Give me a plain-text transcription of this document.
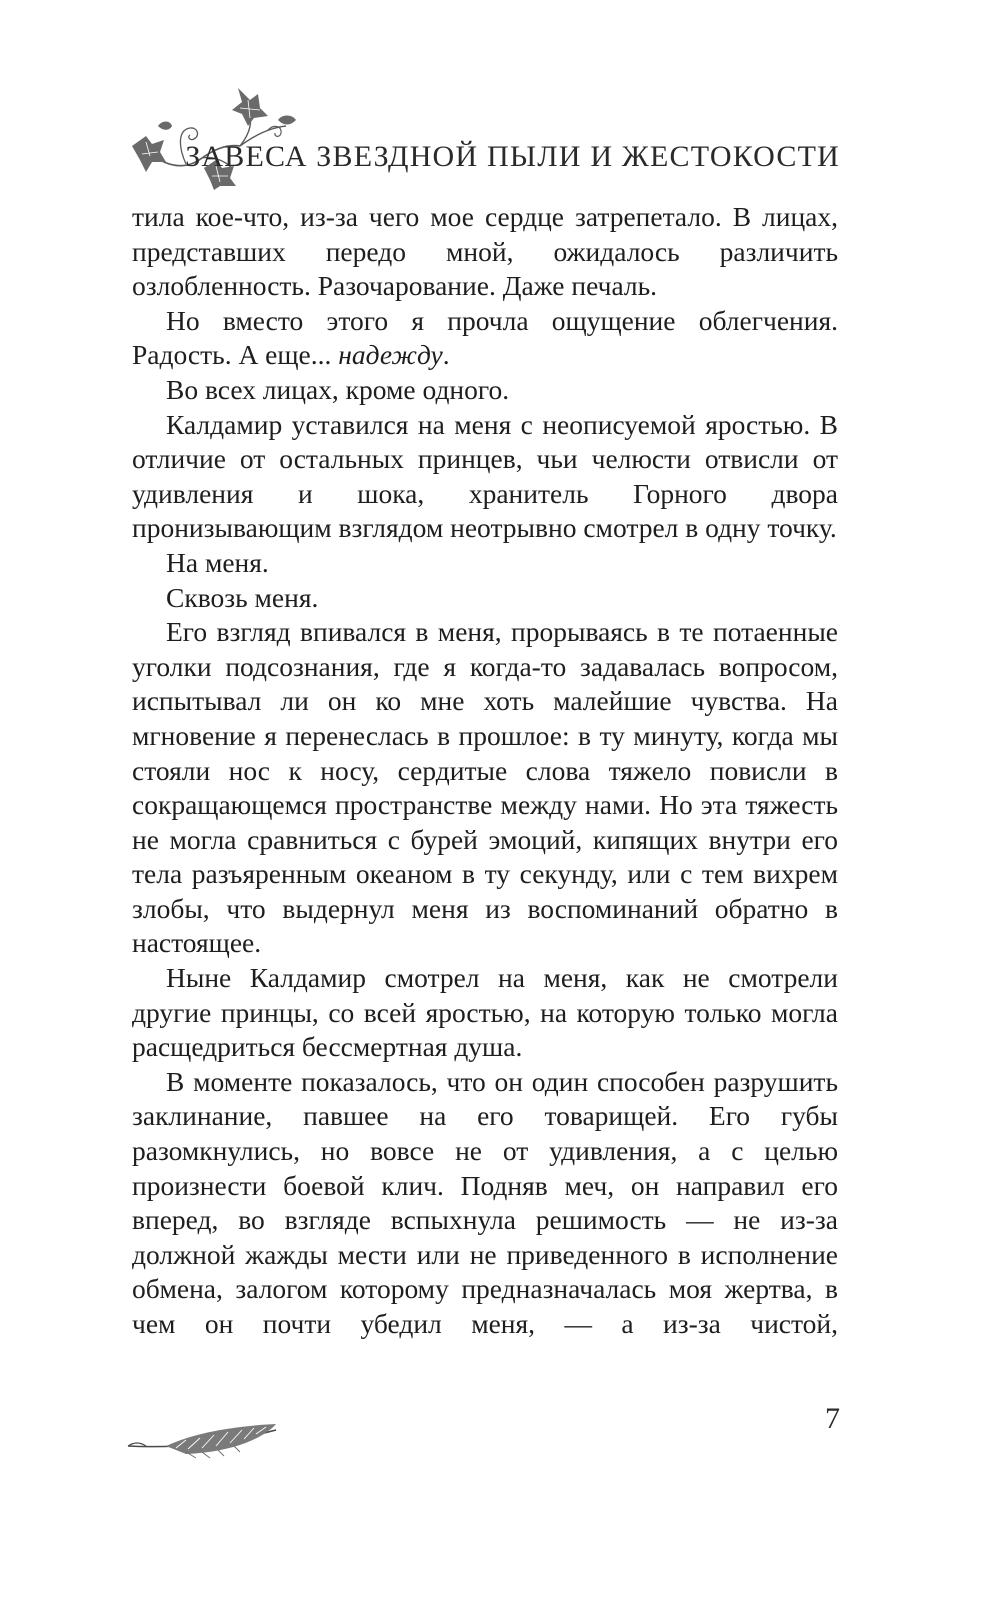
ЗАВЕСА ЗВЕЗДНОЙ ПЫЛИ И ЖЕСТОКОСТИ

тила кое-что, из-за чего мое сердце затрепетало. В лицах, представших передо мной, ожидалось различить озлобленность. Разочарование. Даже печаль.

Но вместо этого я прочла ощущение облегчения. Радость. А еще... надежду.

Во всех лицах, кроме одного.

Калдамир уставился на меня с неописуемой яростью. В отличие от остальных принцев, чьи челюсти отвисли от удивления и шока, хранитель Горного двора пронизывающим взглядом неотрывно смотрел в одну точку.

На меня.

Сквозь меня.

Его взгляд впивался в меня, прорываясь в те потаенные уголки подсознания, где я когда-то задавалась вопросом, испытывал ли он ко мне хоть малейшие чувства. На мгновение я перенеслась в прошлое: в ту минуту, когда мы стояли нос к носу, сердитые слова тяжело повисли в сокращающемся пространстве между нами. Но эта тяжесть не могла сравниться с бурей эмоций, кипящих внутри его тела разъяренным океаном в ту секунду, или с тем вихрем злобы, что выдернул меня из воспоминаний обратно в настоящее.

Ныне Калдамир смотрел на меня, как не смотрели другие принцы, со всей яростью, на которую только могла расщедриться бессмертная душа.

В моменте показалось, что он один способен разрушить заклинание, павшее на его товарищей. Его губы разомкнулись, но вовсе не от удивления, а с целью произнести боевой клич. Подняв меч, он направил его вперед, во взгляде вспыхнула решимость — не из-за должной жажды мести или не приведенного в исполнение обмена, залогом которому предназначалась моя жертва, в чем он почти убедил меня, — а из-за чистой,

7
